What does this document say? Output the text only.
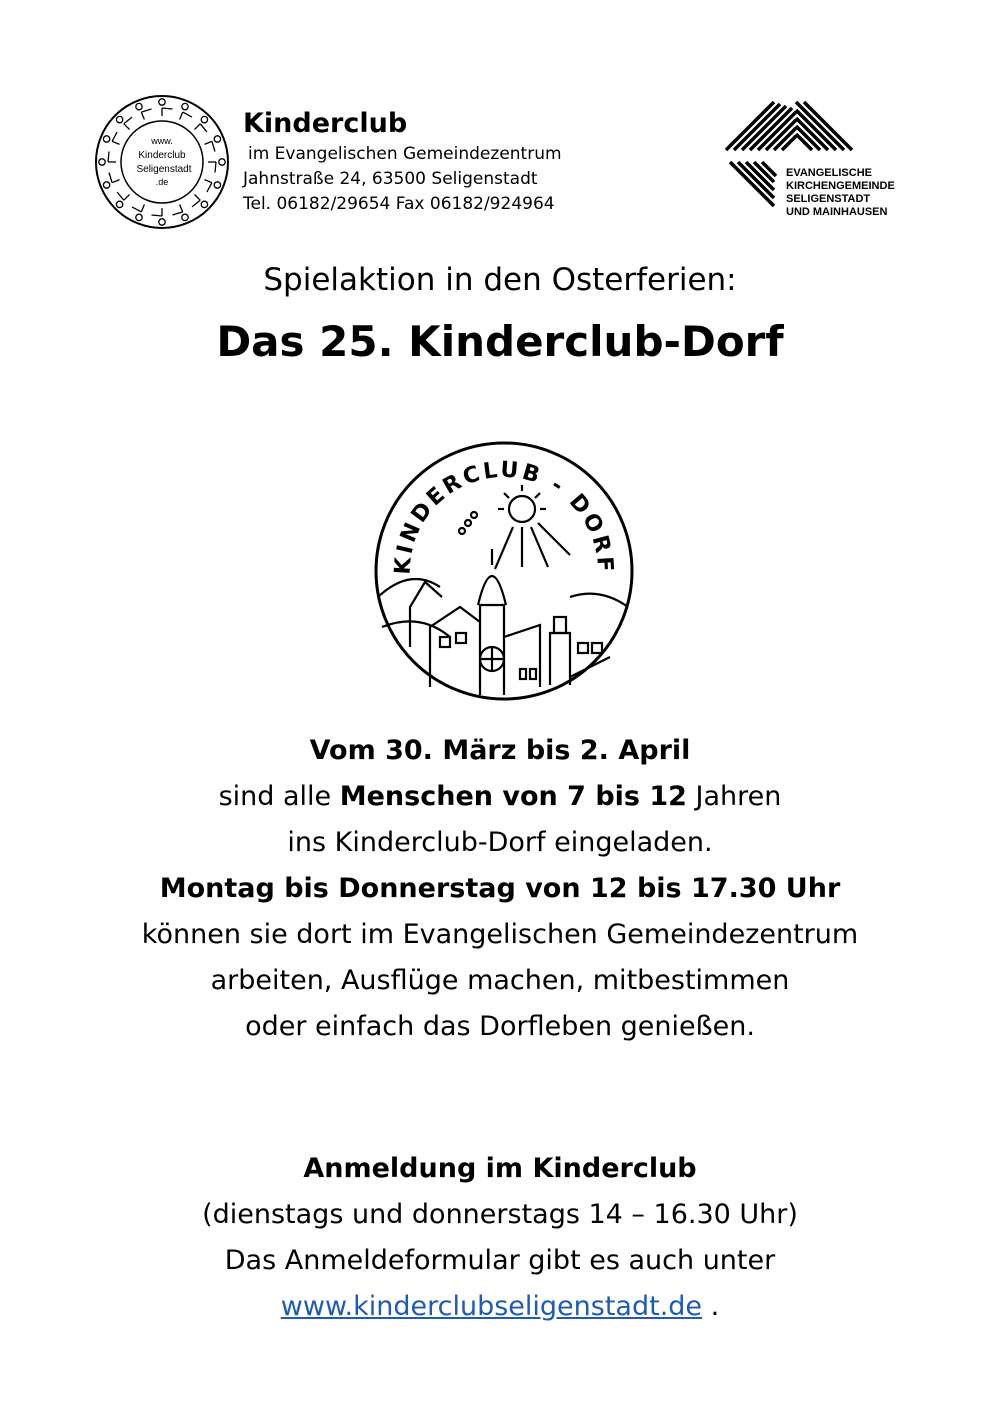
www.
Kinderclub
Seligenstadt
.de
Kinderclub
im Evangelischen Gemeindezentrum
Jahnstraße 24, 63500 Seligenstadt
Tel. 06182/29654 Fax 06182/924964
EVANGELISCHE
KIRCHENGEMEINDE
SELIGENSTADT
UND MAINHAUSEN
Spielaktion in den Osterferien:
Das 25. Kinderclub-Dorf
KINDERCLUB - DORF
Vom 30. März bis 2. April
sind alle Menschen von 7 bis 12 Jahren
ins Kinderclub-Dorf eingeladen.
Montag bis Donnerstag von 12 bis 17.30 Uhr
können sie dort im Evangelischen Gemeindezentrum
arbeiten, Ausflüge machen, mitbestimmen
oder einfach das Dorfleben genießen.
Anmeldung im Kinderclub
(dienstags und donnerstags 14 – 16.30 Uhr)
Das Anmeldeformular gibt es auch unter
www.kinderclubseligenstadt.de .
